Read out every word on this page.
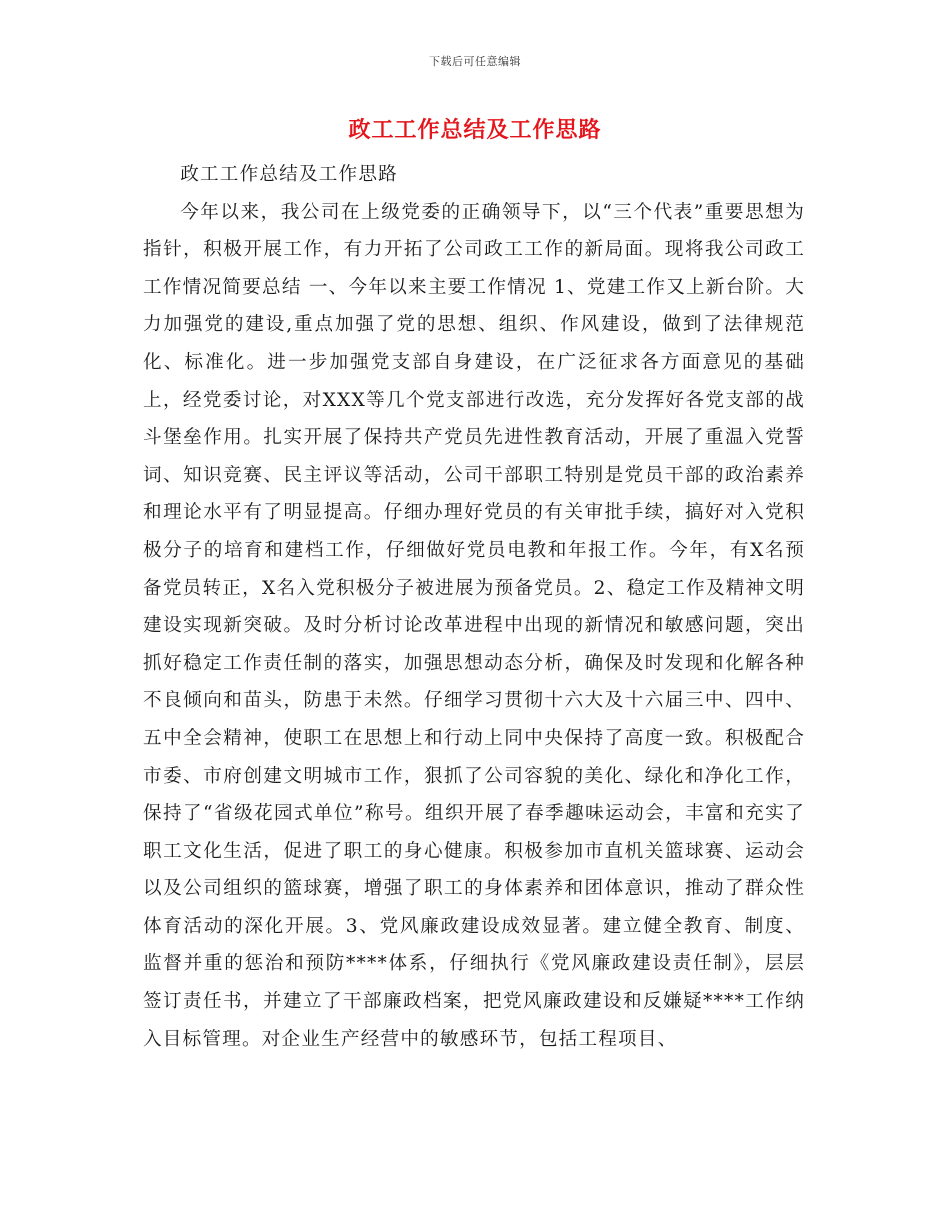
下载后可任意编辑
政工工作总结及工作思路

政工工作总结及工作思路

今年以来，我公司在上级党委的正确领导下，以“三个代表”重要思想为指针，积极开展工作，有力开拓了公司政工工作的新局面。现将我公司政工工作情况简要总结 一、今年以来主要工作情况 1、党建工作又上新台阶。大力加强党的建设,重点加强了党的思想、组织、作风建设，做到了法律规范化、标准化。进一步加强党支部自身建设，在广泛征求各方面意见的基础上，经党委讨论，对XXX等几个党支部进行改选，充分发挥好各党支部的战斗堡垒作用。扎实开展了保持共产党员先进性教育活动，开展了重温入党誓词、知识竞赛、民主评议等活动，公司干部职工特别是党员干部的政治素养和理论水平有了明显提高。仔细办理好党员的有关审批手续，搞好对入党积极分子的培育和建档工作，仔细做好党员电教和年报工作。今年，有X名预备党员转正，X名入党积极分子被进展为预备党员。2、稳定工作及精神文明建设实现新突破。及时分析讨论改革进程中出现的新情况和敏感问题，突出抓好稳定工作责任制的落实，加强思想动态分析，确保及时发现和化解各种不良倾向和苗头，防患于未然。仔细学习贯彻十六大及十六届三中、四中、五中全会精神，使职工在思想上和行动上同中央保持了高度一致。积极配合市委、市府创建文明城市工作，狠抓了公司容貌的美化、绿化和净化工作，保持了“省级花园式单位”称号。组织开展了春季趣味运动会，丰富和充实了职工文化生活，促进了职工的身心健康。积极参加市直机关篮球赛、运动会以及公司组织的篮球赛，增强了职工的身体素养和团体意识，推动了群众性体育活动的深化开展。3、党风廉政建设成效显著。建立健全教育、制度、监督并重的惩治和预防****体系，仔细执行《党风廉政建设责任制》，层层签订责任书，并建立了干部廉政档案，把党风廉政建设和反嫌疑****工作纳入目标管理。对企业生产经营中的敏感环节，包括工程项目、
